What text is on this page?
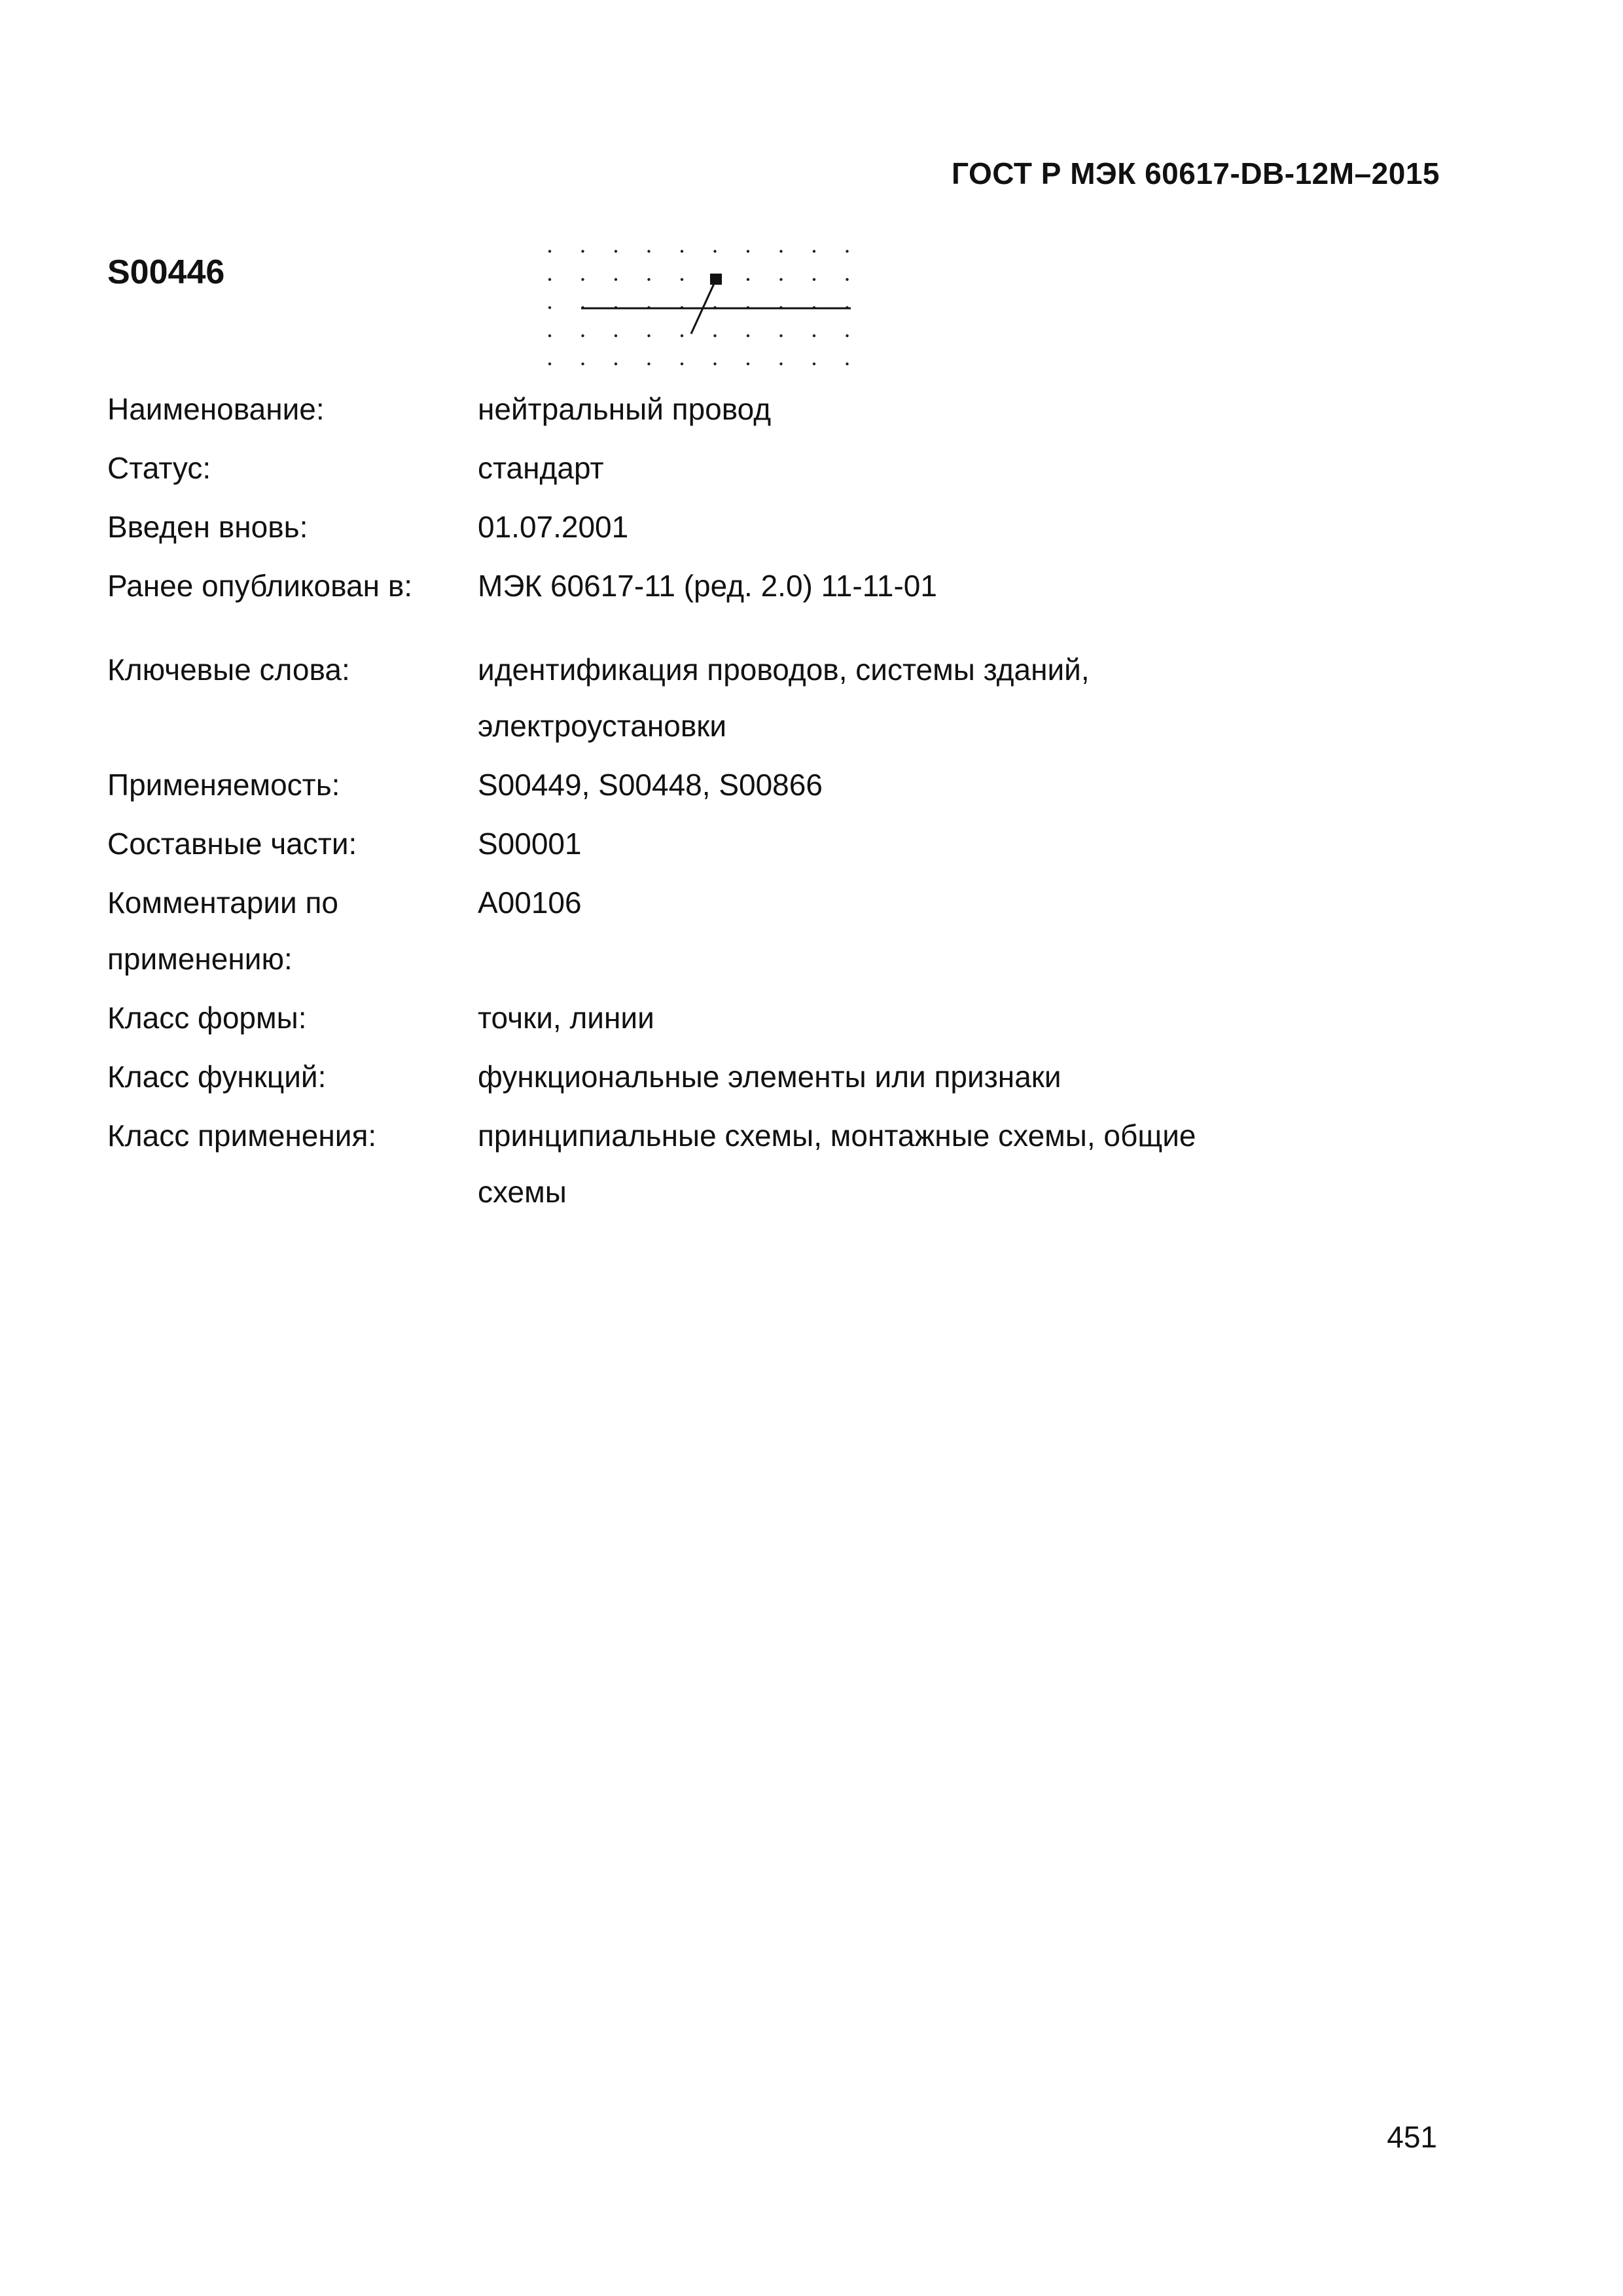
ГОСТ Р МЭК 60617-DB-12M–2015
S00446
Наименование:	нейтральный провод
Статус:	стандарт
Введен вновь:	01.07.2001
Ранее опубликован в:	МЭК 60617-11 (ред. 2.0) 11-11-01
Ключевые слова:	идентификация проводов, системы зданий,
электроустановки
Применяемость:	S00449, S00448, S00866
Составные части:	S00001
Комментарии по применению:
A00106
Класс формы:	точки, линии
Класс функций:	функциональные элементы или признаки
Класс применения:	принципиальные схемы, монтажные схемы, общие
схемы
451
